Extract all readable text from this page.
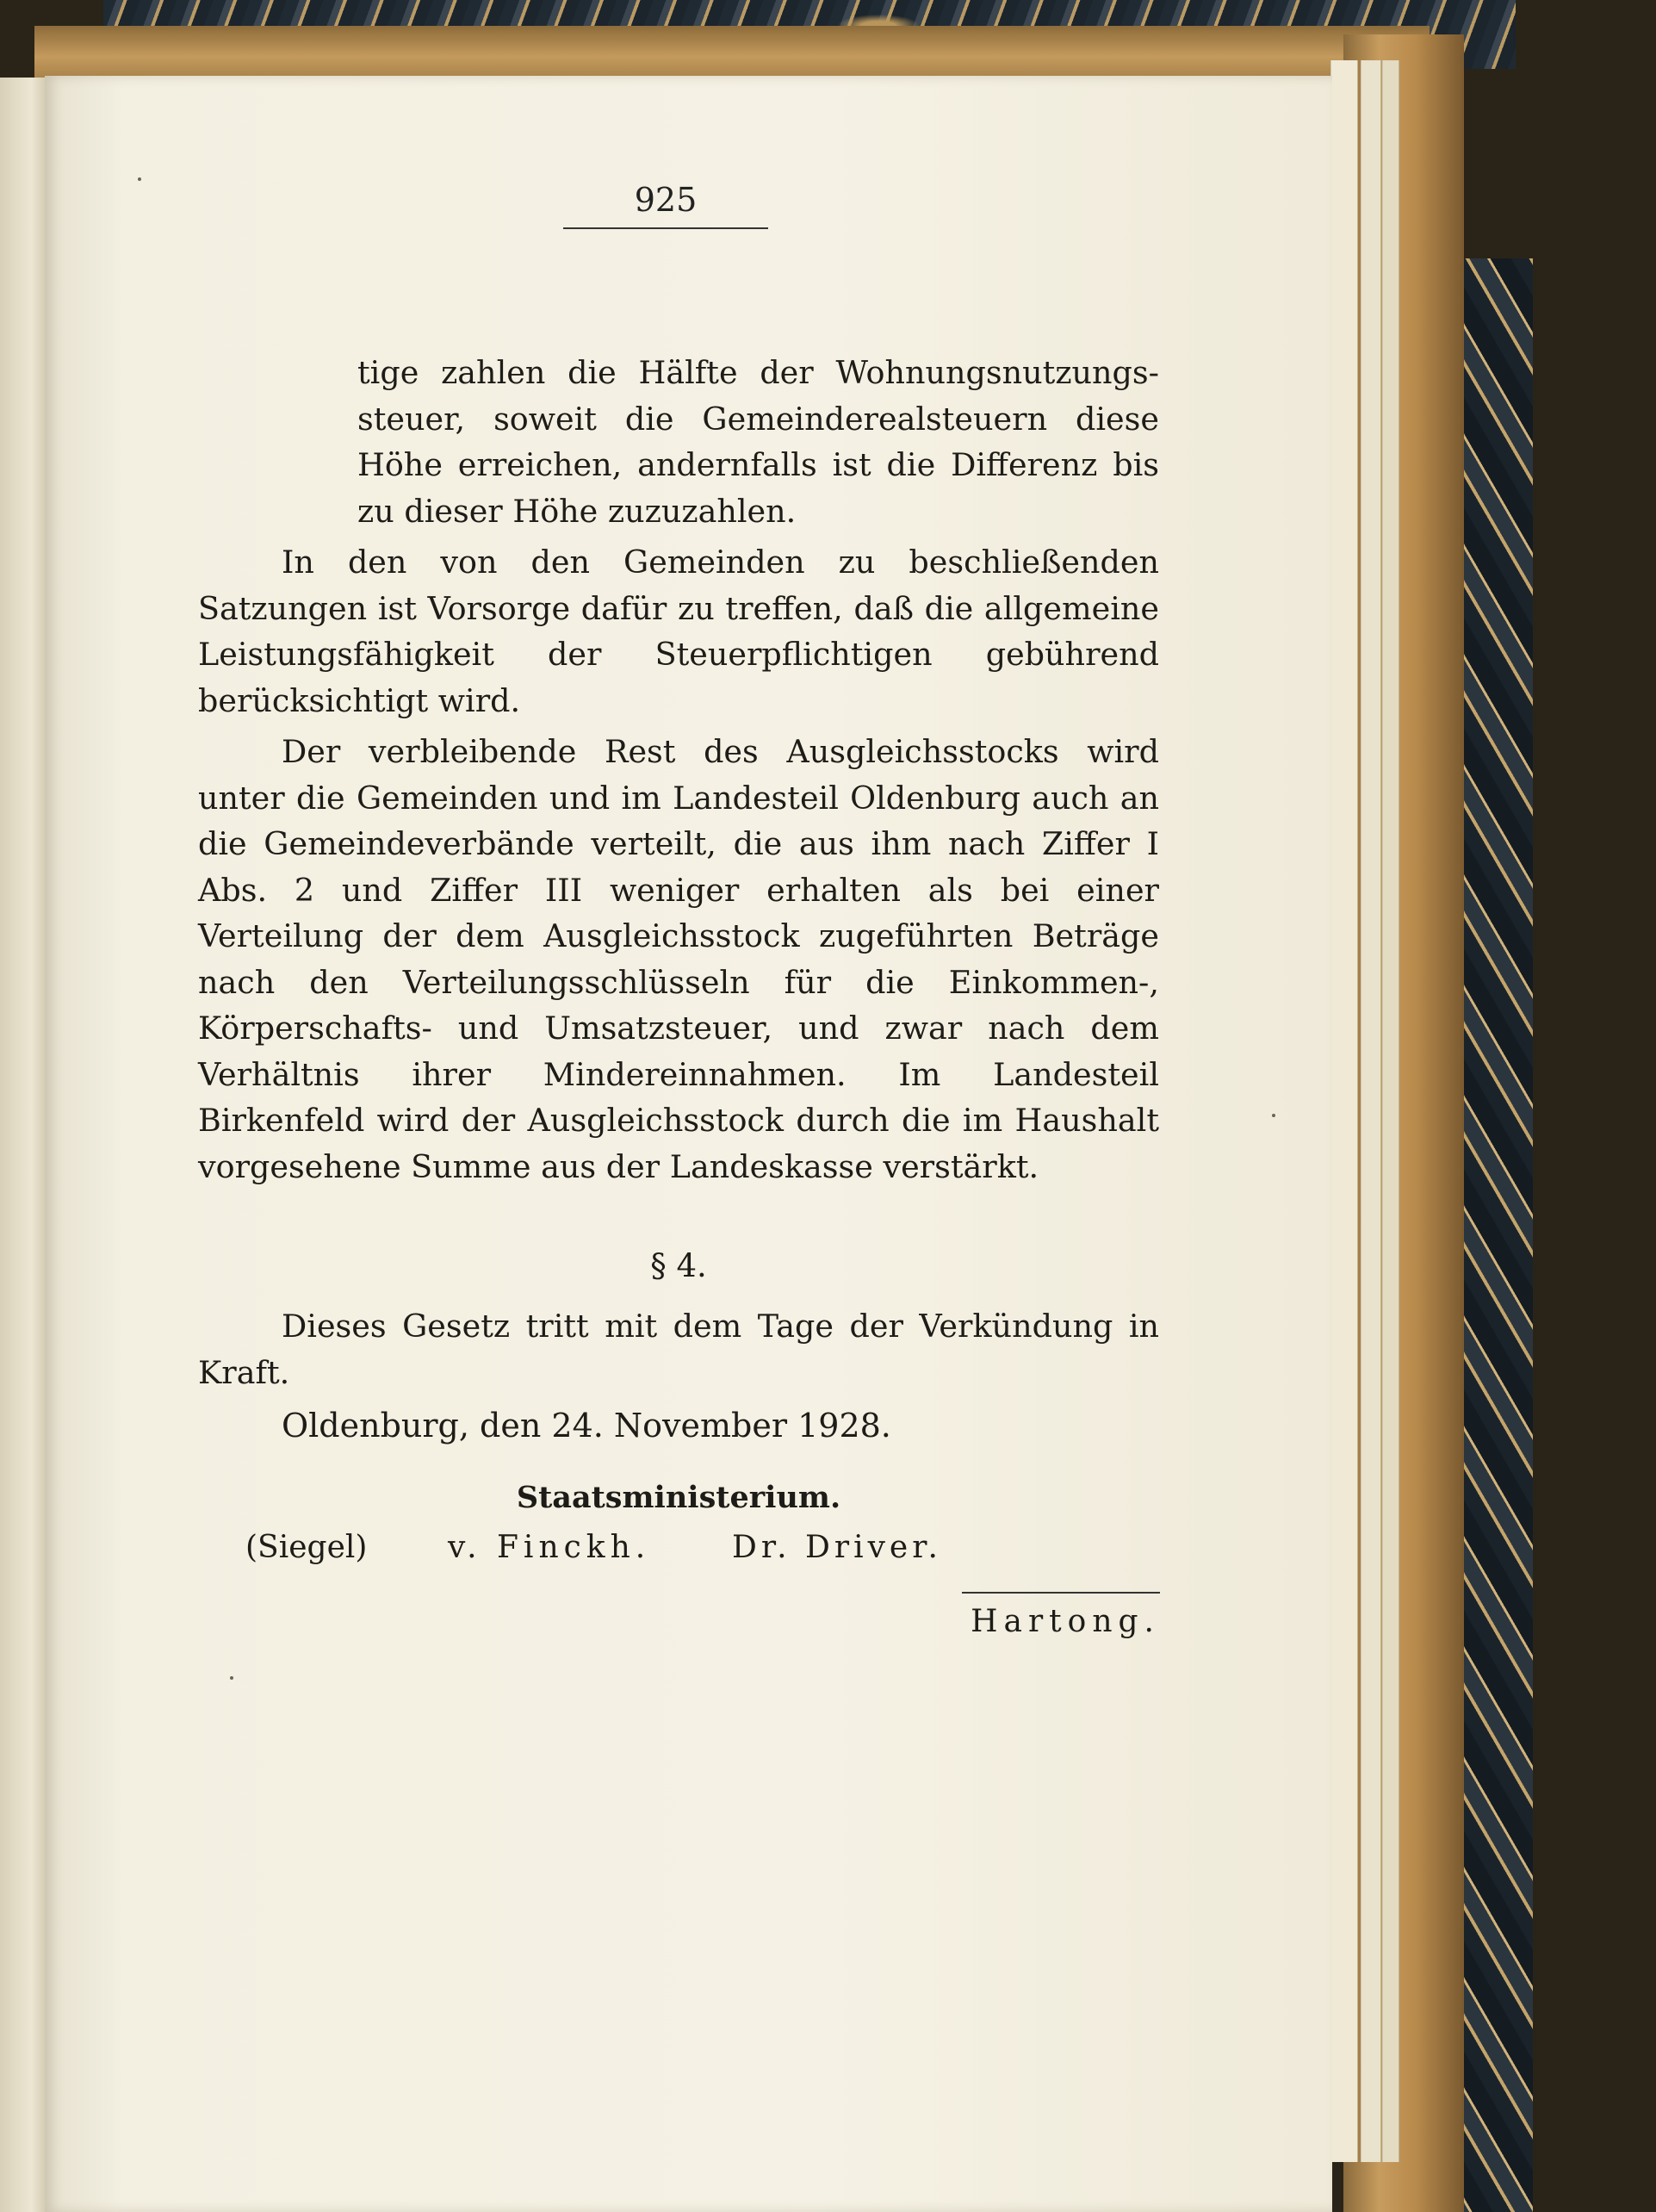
925

tige zahlen die Hälfte der Wohnungsnutzungssteuer, soweit die Gemeinderealsteuern diese Höhe erreichen, andernfalls ist die Differenz bis zu dieser Höhe zuzuzahlen.

In den von den Gemeinden zu beschließenden Satzungen ist Vorsorge dafür zu treffen, daß die allgemeine Leistungsfähigkeit der Steuerpflichtigen gebührend berücksichtigt wird.

Der verbleibende Rest des Ausgleichsstocks wird unter die Gemeinden und im Landesteil Oldenburg auch an die Gemeindeverbände verteilt, die aus ihm nach Ziffer I Abs. 2 und Ziffer III weniger erhalten als bei einer Verteilung der dem Ausgleichsstock zugeführten Beträge nach den Verteilungsschlüsseln für die Einkommen-, Körperschafts- und Umsatzsteuer, und zwar nach dem Verhältnis ihrer Mindereinnahmen. Im Landesteil Birkenfeld wird der Ausgleichsstock durch die im Haushalt vorgesehene Summe aus der Landeskasse verstärkt.

§ 4.

Dieses Gesetz tritt mit dem Tage der Verkündung in Kraft.

Oldenburg, den 24. November 1928.
Staatsministerium.
(Siegel)	v. Finckh.	Dr. Driver.
Hartong.
